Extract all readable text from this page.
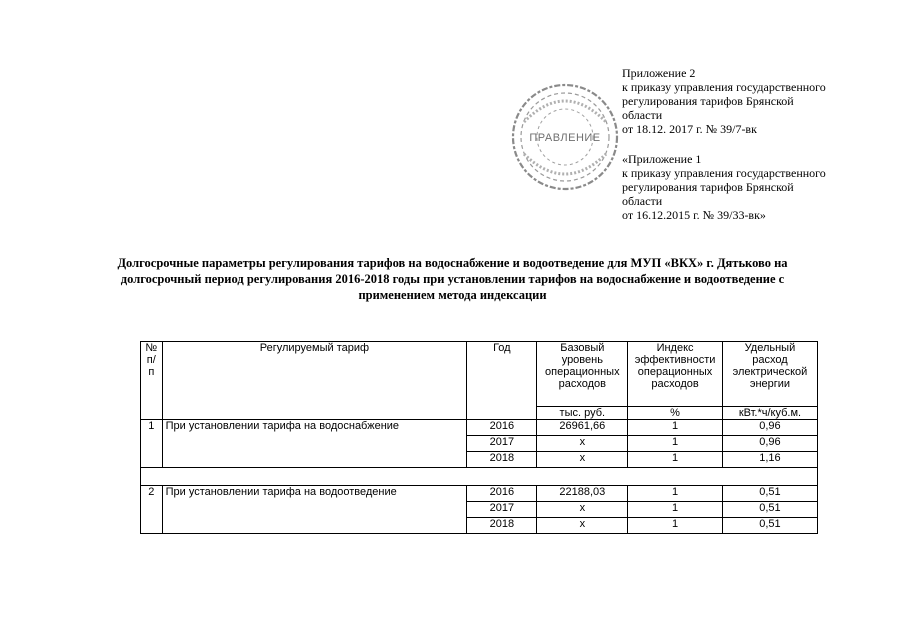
Приложение 2
к приказу управления государственного
регулирования тарифов Брянской
области
от 18.12. 2017 г. № 39/7-вк
«Приложение 1
к приказу управления государственного
регулирования тарифов Брянской
области
от 16.12.2015 г. № 39/33-вк»
ПРАВЛЕНИЕ
Долгосрочные параметры регулирования тарифов на водоснабжение и водоотведение для МУП «ВКХ» г. Дятьково на
долгосрочный период регулирования 2016-2018 годы при установлении тарифов на водоснабжение и водоотведение с
применением метода индексации
№
п/п	Регулируемый тариф	Год	Базовый
уровень
операционных
расходов	Индекс
эффективности
операционных
расходов	Удельный
расход
электрической
энергии
			тыс. руб.	%	кВт.*ч/куб.м.
1	При установлении тарифа на водоснабжение	2016	26961,66	1	0,96
		2017	х	1	0,96
		2018	х	1	1,16

2	При установлении тарифа на водоотведение	2016	22188,03	1	0,51
		2017	х	1	0,51
		2018	х	1	0,51
